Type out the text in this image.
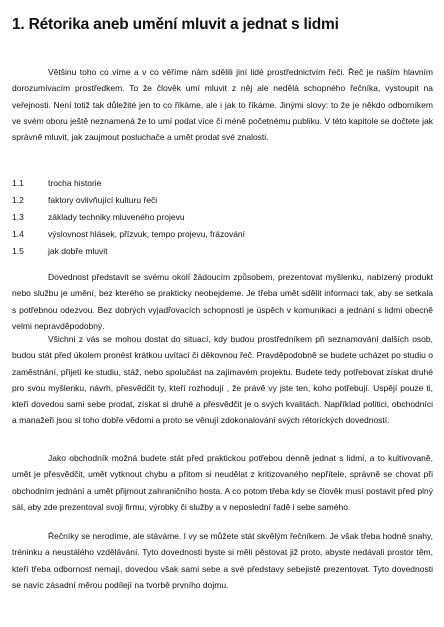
1. Rétorika aneb umění mluvit a jednat s lidmi

Většinu toho co víme a v co věříme nám sdělili jiní lidé prostřednictvím řeči. Řeč je naším hlavním dorozumívacím prostředkem. To že člověk umí mluvit z něj ale nedělá schopného řečníka, vystoupit na veřejnosti. Není totiž tak důležité jen to co říkáme, ale i jak to říkáme. Jinými slovy: to že je někdo odborníkem ve svém oboru ještě neznamená že to umí podat více či méně početnému publiku. V této kapitole se dočtete jak správně mluvit, jak zaujmout posluchače a umět prodat své znalosti.

1.1	trocha historie
1.2	faktory ovlivňující kulturu řeči
1.3	základy techniky mluveného projevu
1.4	výslovnost hlásek, přízvuk, tempo projevu, frázování
1.5	jak dobře mluvit

Dovednost představit se svému okolí žádoucím způsobem, prezentovat myšlenku, nabízený produkt nebo službu je umění, bez kterého se prakticky neobejdeme. Je třeba umět sdělit informaci tak, aby se setkala s potřebnou odezvou. Bez dobrých vyjadřovacích schopností je úspěch v komunikaci a jednání s lidmi obecně velmi nepravděpodobný.

Všichni z vás se mohou dostat do situací, kdy budou prostředníkem při seznamování dalších osob, budou stát před úkolem pronést krátkou uvítací či děkovnou řeč. Pravděpodobně se budete ucházet po studiu o zaměstnání, přijetí ke studiu, stáž, nebo spolučást na zajímavém projektu. Budete tedy potřebovat získat druhé pro svou myšlenku, návrh, přesvědčit ty, kteří rozhodují , že právě vy jste ten, koho potřebují. Uspějí pouze ti, kteří dovedou sami sebe prodat, získat si druhé a přesvědčit je o svých kvalitách. Například politici, obchodníci a manažeři jsou si toho dobře vědomi a proto se věnují zdokonalování svých rétorických dovedností.

Jako obchodník možná budete stát před praktickou potřebou denně jednat s lidmi, a to kultivovaně, umět je přesvědčit, umět vytknout chybu a přitom si neudělat z kritizovaného nepřítele, správně se chovat při obchodním jednání a umět přijmout zahraničního hosta. A co potom třeba kdy se člověk musí postavit před plný sál, aby zde prezentoval svoji firmu, výrobky či služby a v neposlední řadě i sebe samého.

Řečníky se nerodíme, ale stáváme. I vy se můžete stát skvělým řečníkem. Je však třeba hodně snahy, tréninku a neustálého vzdělávání. Tyto dovednosti byste si měli pěstovat již proto, abyste nedávali prostor těm, kteří třeba odbornost nemají, dovedou však sami sebe a své představy sebejistě prezentovat. Tyto dovednosti se navíc zásadní měrou podílejí na tvorbě prvního dojmu.
